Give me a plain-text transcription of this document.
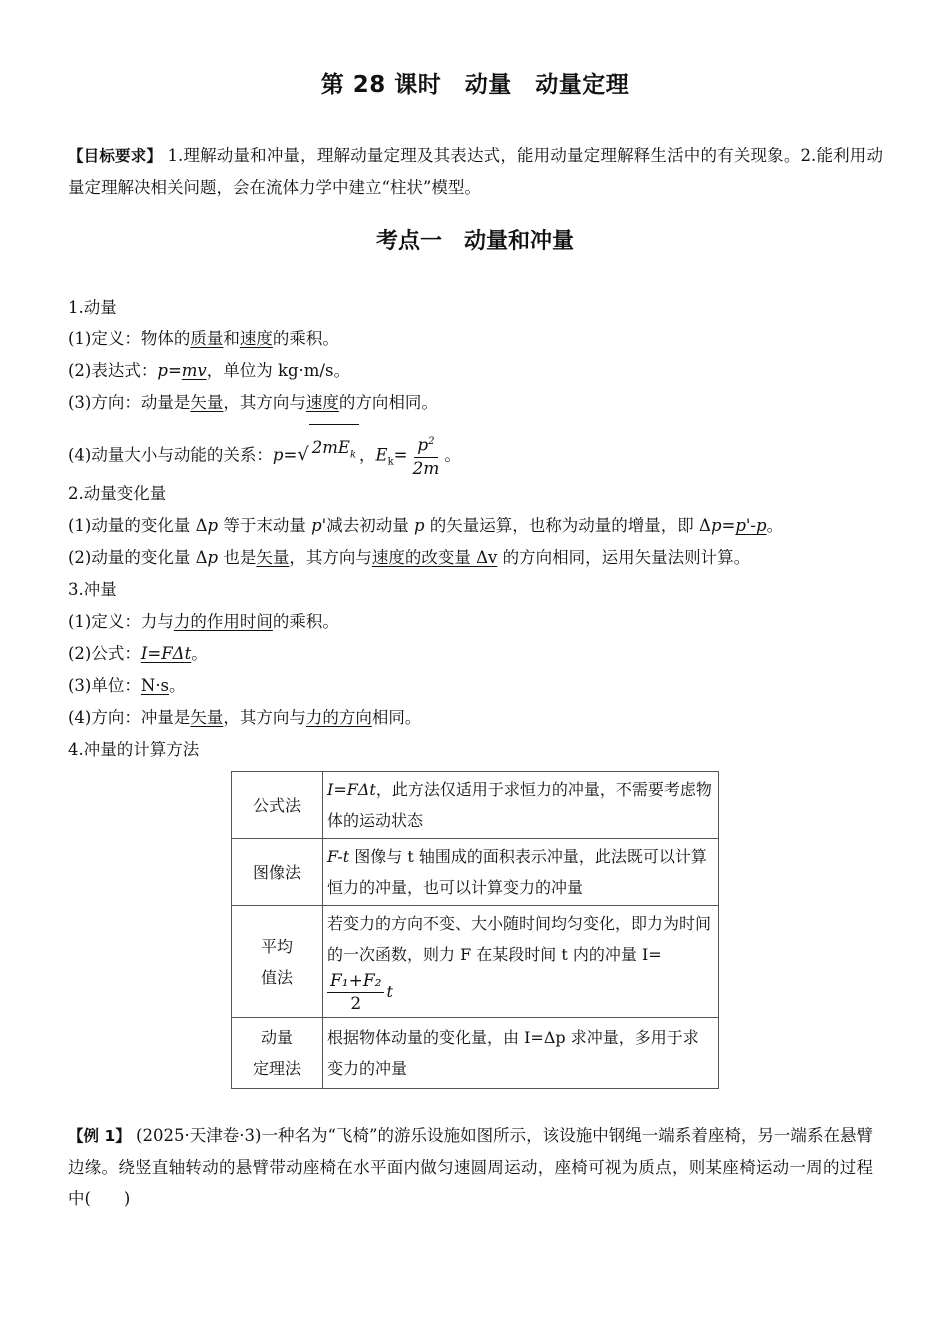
第 28 课时　动量　动量定理
【目标要求】 1.理解动量和冲量，理解动量定理及其表达式，能用动量定理解释生活中的有关现象。2.能利用动量定理解决相关问题，会在流体力学中建立“柱状”模型。
考点一　动量和冲量
1.动量
(1)定义：物体的质量和速度的乘积。
(2)表达式：p=mv，单位为 kg·m/s。
(3)方向：动量是矢量，其方向与速度的方向相同。
(4)动量大小与动能的关系：p= √ $2mE_k$ ，$E_k= \frac{p^2}{2m}$ 。
2.动量变化量
(1)动量的变化量 Δp 等于末动量 p'减去初动量 p 的矢量运算，也称为动量的增量，即 Δp=p'-p。
(2)动量的变化量 Δp 也是矢量，其方向与速度的改变量 Δv 的方向相同，运用矢量法则计算。
3.冲量
(1)定义：力与力的作用时间的乘积。
(2)公式：I=FΔt。
(3)单位：N·s。
(4)方向：冲量是矢量，其方向与力的方向相同。
4.冲量的计算方法
公式法	I=FΔt，此方法仅适用于求恒力的冲量，不需要考虑物体的运动状态
图像法	F-t 图像与 t 轴围成的面积表示冲量，此法既可以计算恒力的冲量，也可以计算变力的冲量
平均
值法	若变力的方向不变、大小随时间均匀变化，即力为时间的一次函数，则力 F 在某段时间 t 内的冲量 I=

$\frac{\text{F₁+F₂}}{2}$ t
动量
定理法	根据物体动量的变化量，由 I=Δp 求冲量，多用于求变力的冲量
【例 1】 (2025·天津卷·3)一种名为“飞椅”的游乐设施如图所示，该设施中钢绳一端系着座椅，另一端系在悬臂边缘。绕竖直轴转动的悬臂带动座椅在水平面内做匀速圆周运动，座椅可视为质点，则某座椅运动一周的过程中(　　)
